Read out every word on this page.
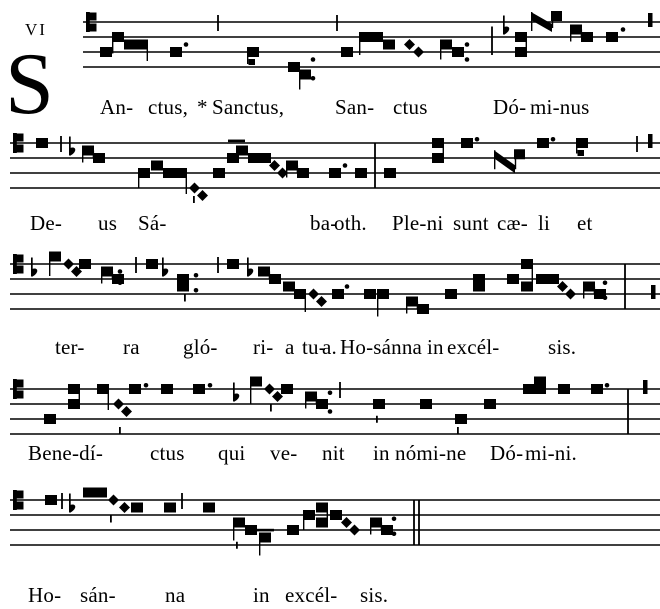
VI
S An- ctus, * Sanctus, San- ctus	Dó- mi-nus
De- us Sá-	ba-
oth. Ple-ni sunt cæ- li et
ter- ra gló- ri- a tu-
a. Ho-sánna in excél- sis.
Bene-dí- ctus qui ve- nit in nómi-ne Dó- mi-ni.
Ho- sán- na	in excél- sis.
